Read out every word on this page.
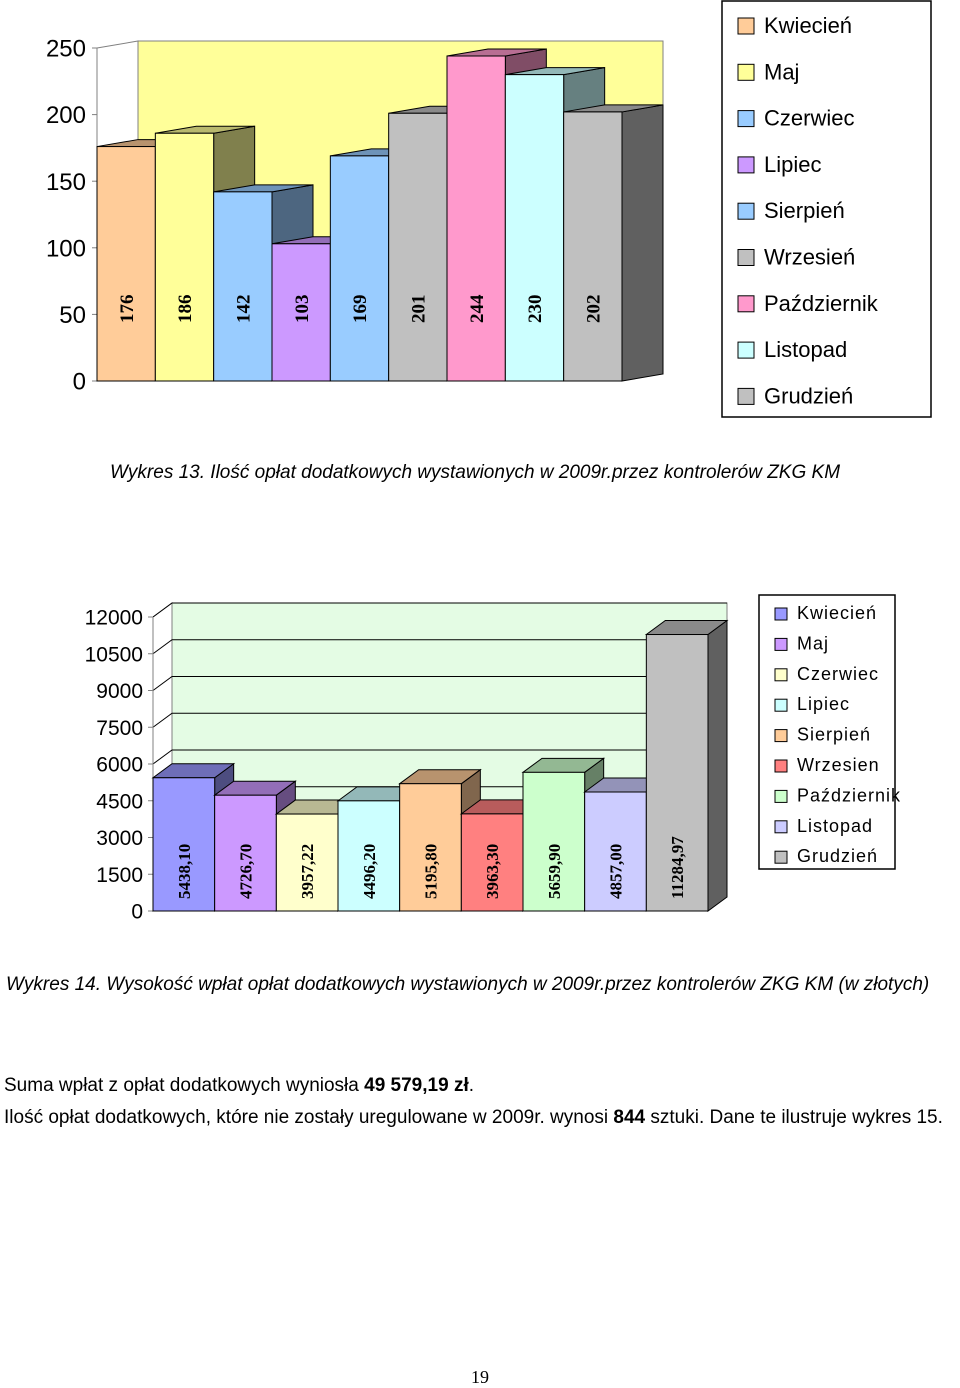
0
50
100
150
200
250
176 186 142 103 169 201 244 230 202
Kwiecień
Maj
Czerwiec
Lipiec
Sierpień
Wrzesień
Październik
Listopad
Grudzień
Wykres 13. Ilość opłat dodatkowych wystawionych w 2009r.przez kontrolerów ZKG KM
0
1500
3000
4500
6000
7500
9000
10500
12000
5438,10	4726,70	3957,22	4496,20	5195,80	3963,30	5659,90	4857,00	11284,97
Kwiecień
Maj
Czerwiec
Lipiec
Sierpień
Wrzesien
Październik
Listopad
Grudzień
Wykres 14. Wysokość wpłat opłat dodatkowych wystawionych w 2009r.przez kontrolerów ZKG KM (w złotych)
Suma wpłat z opłat dodatkowych wyniosła 49 579,19 zł.
Ilość opłat dodatkowych, które nie zostały uregulowane w 2009r. wynosi 844 sztuki. Dane te ilustruje wykres 15.
19
